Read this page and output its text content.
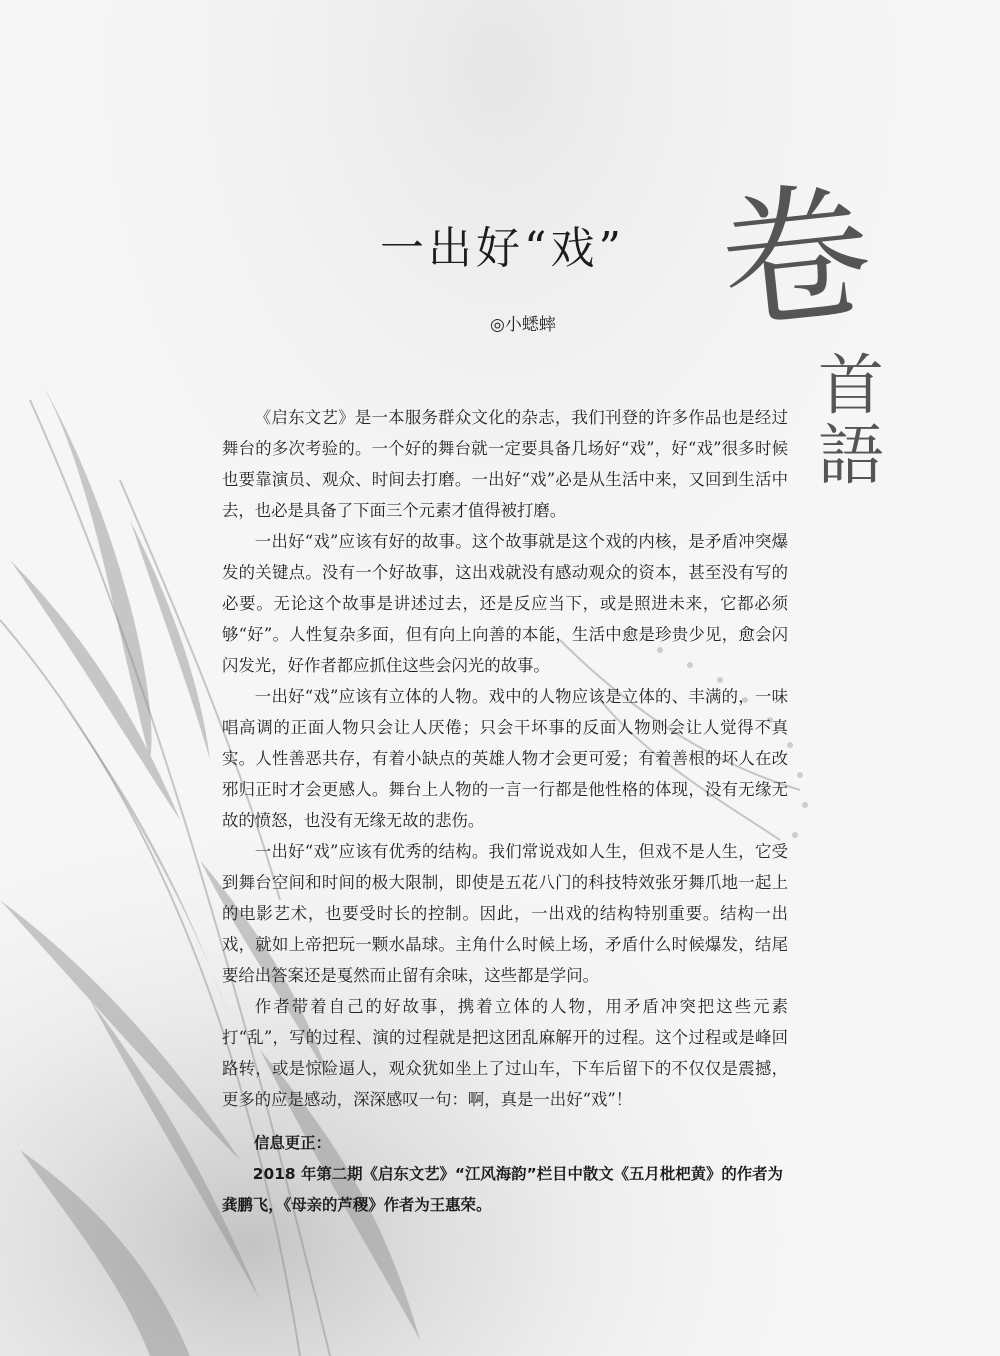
一出好“戏”
◎小蟋蟀 卷
首
語

《启东文艺》是一本服务群众文化的杂志，我们刊登的许多作品也是经过舞台的多次考验的。一个好的舞台就一定要具备几场好“戏”，好“戏”很多时候也要靠演员、观众、时间去打磨。一出好“戏”必是从生活中来，又回到生活中去，也必是具备了下面三个元素才值得被打磨。

一出好“戏”应该有好的故事。这个故事就是这个戏的内核，是矛盾冲突爆发的关键点。没有一个好故事，这出戏就没有感动观众的资本，甚至没有写的必要。无论这个故事是讲述过去，还是反应当下，或是照进未来，它都必须够“好”。人性复杂多面，但有向上向善的本能，生活中愈是珍贵少见，愈会闪闪发光，好作者都应抓住这些会闪光的故事。

一出好“戏”应该有立体的人物。戏中的人物应该是立体的、丰满的，一味唱高调的正面人物只会让人厌倦；只会干坏事的反面人物则会让人觉得不真实。人性善恶共存，有着小缺点的英雄人物才会更可爱；有着善根的坏人在改邪归正时才会更感人。舞台上人物的一言一行都是他性格的体现，没有无缘无故的愤怒，也没有无缘无故的悲伤。

一出好“戏”应该有优秀的结构。我们常说戏如人生，但戏不是人生，它受到舞台空间和时间的极大限制，即使是五花八门的科技特效张牙舞爪地一起上的电影艺术，也要受时长的控制。因此，一出戏的结构特别重要。结构一出戏，就如上帝把玩一颗水晶球。主角什么时候上场，矛盾什么时候爆发，结尾要给出答案还是戛然而止留有余味，这些都是学问。

作者带着自己的好故事，携着立体的人物，用矛盾冲突把这些元素打“乱”，写的过程、演的过程就是把这团乱麻解开的过程。这个过程或是峰回路转，或是惊险逼人，观众犹如坐上了过山车，下车后留下的不仅仅是震撼，更多的应是感动，深深感叹一句：啊，真是一出好“戏”！

信息更正：
2018 年第二期《启东文艺》“江风海韵”栏目中散文《五月枇杷黄》的作者为龚鹏飞，《母亲的芦稷》作者为王惠荣。
